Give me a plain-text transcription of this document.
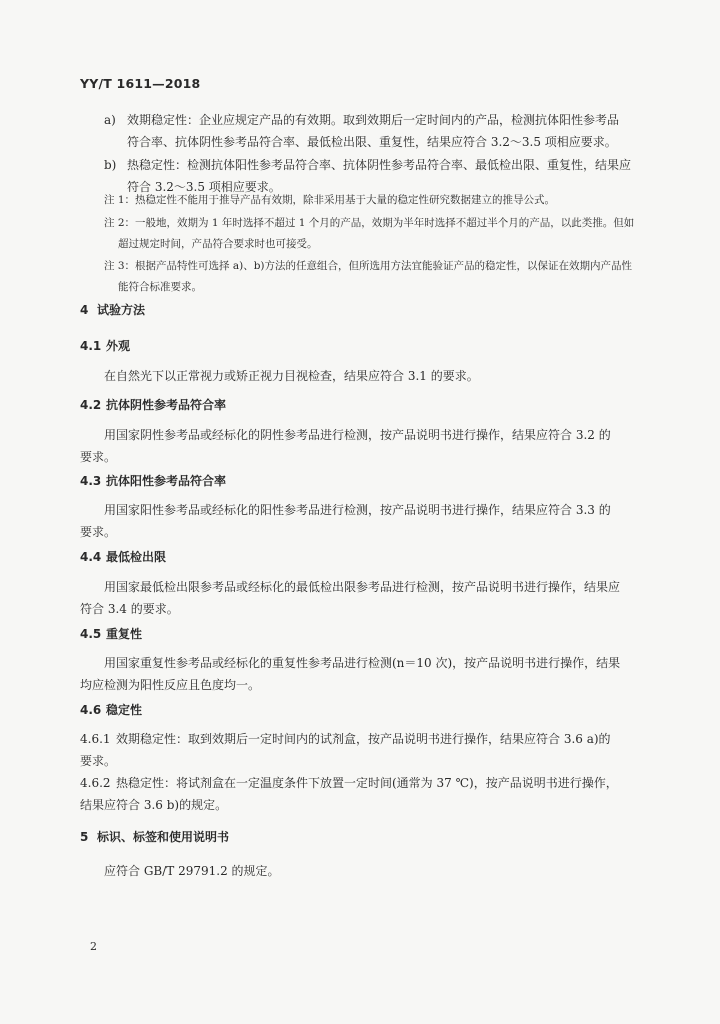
YY/T 1611—2018
a) 效期稳定性：企业应规定产品的有效期。取到效期后一定时间内的产品，检测抗体阳性参考品
符合率、抗体阴性参考品符合率、最低检出限、重复性，结果应符合 3.2～3.5 项相应要求。
b) 热稳定性：检测抗体阳性参考品符合率、抗体阴性参考品符合率、最低检出限、重复性，结果应
符合 3.2～3.5 项相应要求。
注 1：热稳定性不能用于推导产品有效期，除非采用基于大量的稳定性研究数据建立的推导公式。
注 2：一般地，效期为 1 年时选择不超过 1 个月的产品，效期为半年时选择不超过半个月的产品，以此类推。但如
超过规定时间，产品符合要求时也可接受。
注 3：根据产品特性可选择 a)、b)方法的任意组合，但所选用方法宜能验证产品的稳定性，以保证在效期内产品性
能符合标准要求。
4 试验方法
4.1 外观
在自然光下以正常视力或矫正视力目视检查，结果应符合 3.1 的要求。
4.2 抗体阴性参考品符合率
用国家阴性参考品或经标化的阴性参考品进行检测，按产品说明书进行操作，结果应符合 3.2 的
要求。
4.3 抗体阳性参考品符合率
用国家阳性参考品或经标化的阳性参考品进行检测，按产品说明书进行操作，结果应符合 3.3 的
要求。
4.4 最低检出限
用国家最低检出限参考品或经标化的最低检出限参考品进行检测，按产品说明书进行操作，结果应
符合 3.4 的要求。
4.5 重复性
用国家重复性参考品或经标化的重复性参考品进行检测(n＝10 次)，按产品说明书进行操作，结果
均应检测为阳性反应且色度均一。
4.6 稳定性
4.6.1 效期稳定性：取到效期后一定时间内的试剂盒，按产品说明书进行操作，结果应符合 3.6 a)的
要求。
4.6.2 热稳定性：将试剂盒在一定温度条件下放置一定时间(通常为 37 ℃)，按产品说明书进行操作，
结果应符合 3.6 b)的规定。
5 标识、标签和使用说明书
应符合 GB/T 29791.2 的规定。
2
